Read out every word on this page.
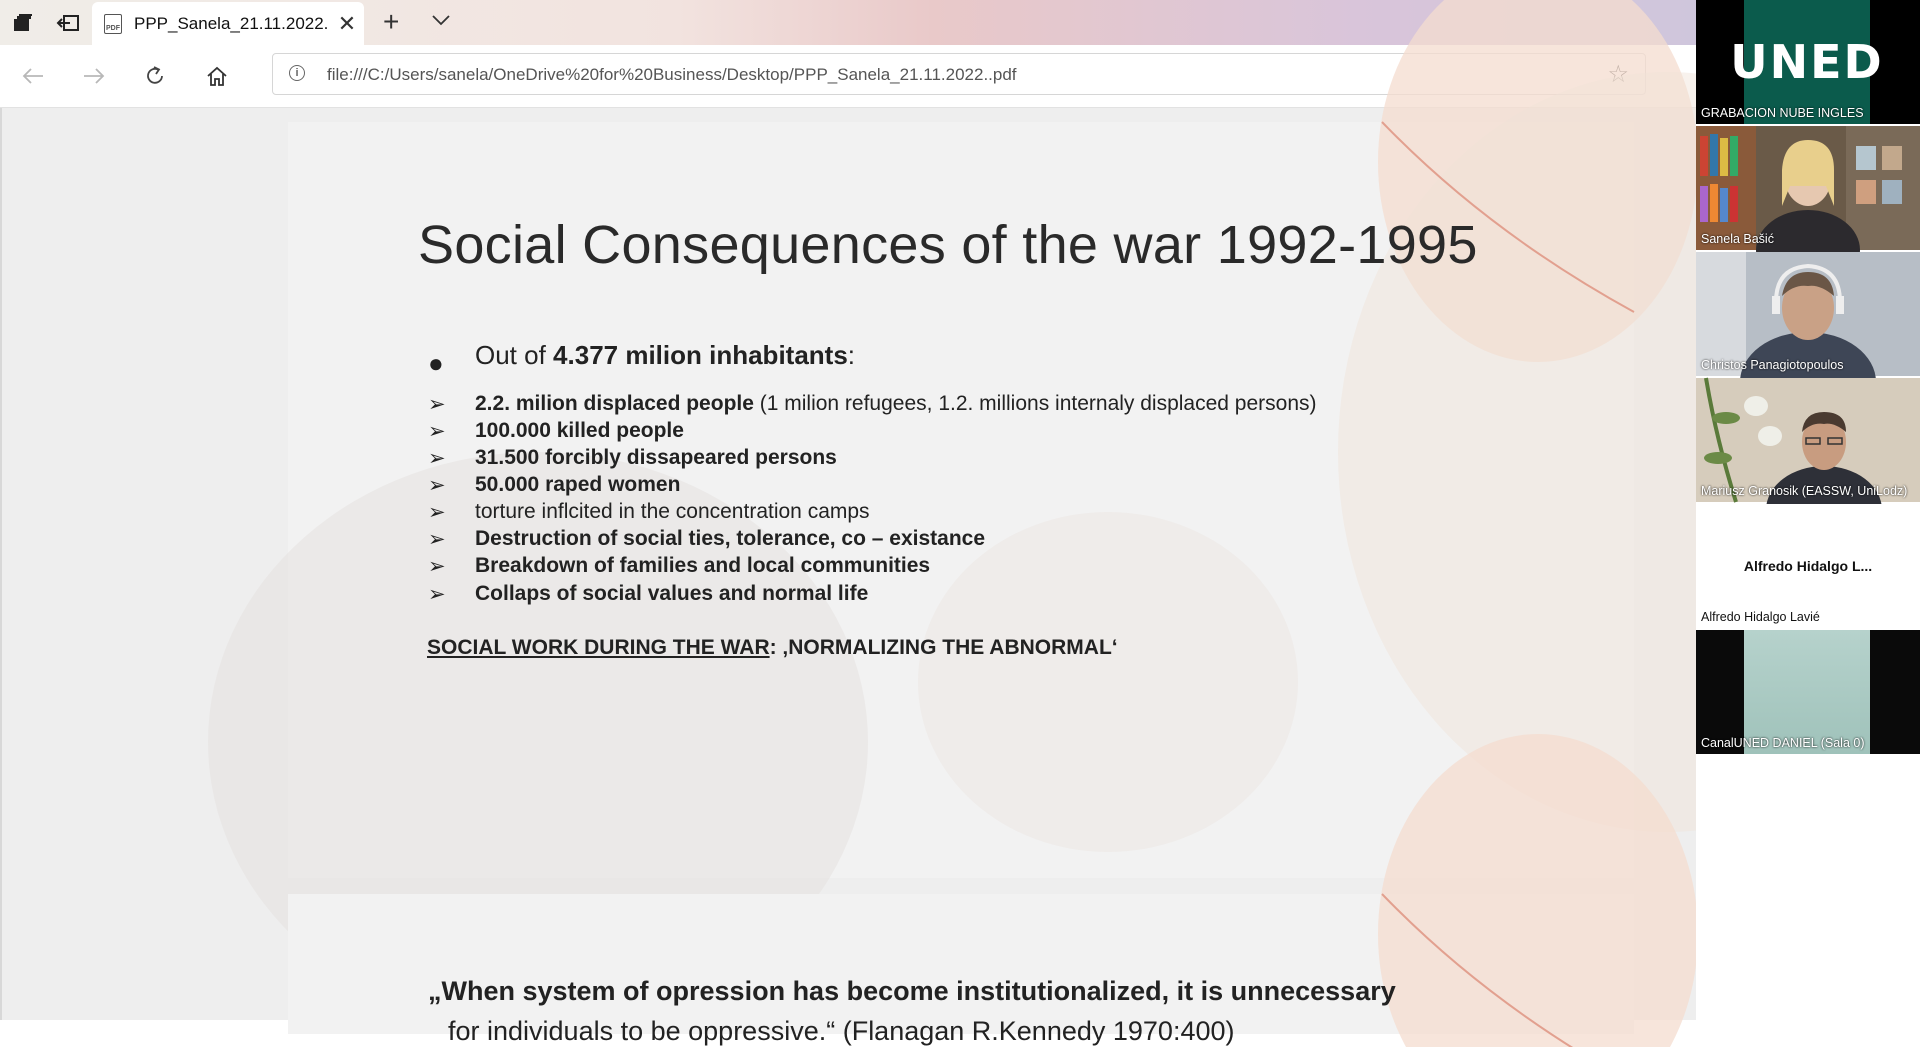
PDF PPP_Sanela_21.11.2022. ✕ +
i	file:///C:/Users/sanela/OneDrive%20for%20Business/Desktop/PPP_Sanela_21.11.2022..pdf
Social Consequences of the war 1992-1995
● Out of 4.377 milion inhabitants:
➢ 2.2. milion displaced people (1 milion refugees, 1.2. millions internaly displaced persons)
➢ 100.000 killed people
➢ 31.500 forcibly dissapeared persons
➢ 50.000 raped women
➢ torture inflcited in the concentration camps
➢ Destruction of social ties, tolerance, co – existance
➢ Breakdown of families and local communities
➢ Collaps of social values and normal life
SOCIAL WORK DURING THE WAR: ‚NORMALIZING THE ABNORMAL‘
„When system of opression has become institutionalized, it is unnecessary
for individuals to be oppressive.“ (Flanagan R.Kennedy 1970:400)
UNED
GRABACION NUBE INGLES
Sanela Bašić
Christos Panagiotopoulos
Mariusz Granosik (EASSW, UniLodz)
Alfredo Hidalgo L...
Alfredo Hidalgo Lavié
CanalUNED DANIEL (Sala 0)
